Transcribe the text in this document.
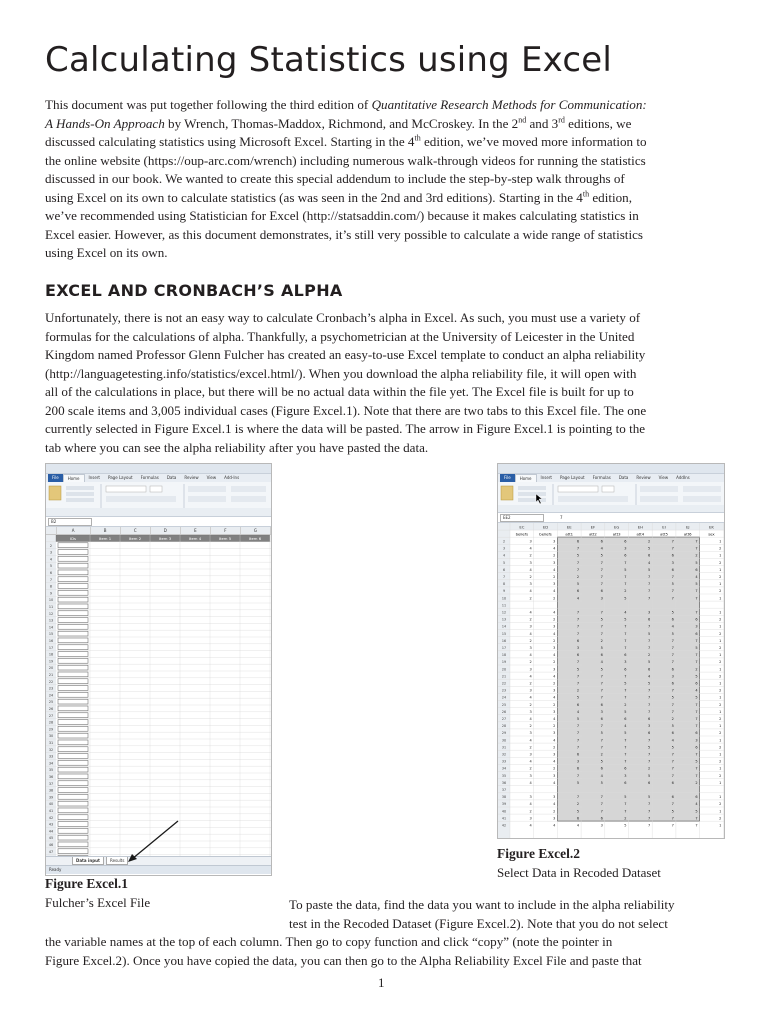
Calculating Statistics using Excel
This document was put together following the third edition of Quantitative Research Methods for Communication:
A Hands-On Approach by Wrench, Thomas-Maddox, Richmond, and McCroskey. In the 2nd and 3rd editions, we
discussed calculating statistics using Microsoft Excel. Starting in the 4th edition, we’ve moved more information to
the online website (https://oup-arc.com/wrench) including numerous walk-through videos for running the statistics
discussed in our book. We wanted to create this special addendum to include the step-by-step walk throughs of
using Excel on its own to calculate statistics (as was seen in the 2nd and 3rd editions). Starting in the 4th edition,
we’ve recommended using Statistician for Excel (http://statsaddin.com/) because it makes calculating statistics in
Excel easier. However, as this document demonstrates, it’s still very possible to calculate a wide range of statistics
using Excel on its own.
EXCEL AND CRONBACH’S ALPHA
Unfortunately, there is not an easy way to calculate Cronbach’s alpha in Excel. As such, you must use a variety of
formulas for the calculations of alpha. Thankfully, a psychometrician at the University of Leicester in the United
Kingdom named Professor Glenn Fulcher has created an easy-to-use Excel template to conduct an alpha reliability
(http://languagetesting.info/statistics/excel.html/). When you download the alpha reliability file, it will open with
all of the calculations in place, but there will be no actual data within the file yet. The Excel file is built for up to
200 scale items and 3,005 individual cases (Figure Excel.1). Note that there are two tabs to this Excel file. The one
currently selected in Figure Excel.1 is where the data will be pasted. The arrow in Figure Excel.1 is pointing to the
tab where you can see the alpha reliability after you have pasted the data.
File	Home	Insert	Page Layout	Formulas	Data	Review	View	Add-Ins
B2
A	B	C	D	E	F	G
IDs	Item 1	Item 2	Item 3	Item 4	Item 5	Item 6
2
3
4
5
6
7
8
9
10
11
12
13
14
15
16
17
18
19
20
21
22
23
24
25
26
27
28
29
30
31
32
33
34
35
36
37
38
39
40
41
42
43
44
45
46
47
Data input	Results
Ready
Figure Excel.1
Fulcher’s Excel File
File	Home	Insert	Page Layout	Formulas	Data	Review	View	AddIns
EE2	7
EC	ED	EE	EF	EG	EH	EI	EJ	EK
beliefs	beliefs	att1	att2	att3	att4	att5	att6	sex
2	3	3	6	6	6	2	7	7	1
3	4	4	7	4	3	5	7	7	2
4	2	2	5	5	6	6	6	2	1
5	3	3	7	7	7	4	3	5	2
6	4	4	7	7	5	5	6	6	1
7	2	2	2	7	7	7	7	4	2
8	3	3	5	7	7	7	5	5	1
9	4	4	6	6	2	7	7	7	2
10	2	2	4	3	5	7	7	7	1
11
12	4	4	7	7	4	3	5	7	1
13	2	2	7	5	5	6	6	6	2
14	3	3	7	7	7	7	4	3	1
15	4	4	7	7	7	5	5	6	2
16	2	2	6	2	7	7	7	7	1
17	3	3	3	5	7	7	7	5	2
18	4	4	6	6	6	2	7	7	1
19	2	2	7	4	3	5	7	7	2
20	3	3	5	5	6	6	6	2	1
21	4	4	7	7	7	4	3	5	2
22	2	2	7	7	5	5	6	6	1
23	3	3	2	7	7	7	7	4	2
24	4	4	5	7	7	7	5	5	1
25	2	2	6	6	2	7	7	7	2
26	3	3	4	3	5	7	7	7	1
27	4	4	5	6	6	6	2	7	2
28	2	2	7	7	4	3	5	7	1
29	3	3	7	5	5	6	6	6	2
30	4	4	7	7	7	7	4	3	1
31	2	2	7	7	7	5	5	6	2
32	3	3	6	2	7	7	7	7	1
33	4	4	3	5	7	7	7	5	2
34	2	2	6	6	6	2	7	7	1
35	3	3	7	4	3	5	7	7	2
36	4	4	5	5	6	6	6	2	1
37
38	3	3	7	7	5	5	6	6	1
39	4	4	2	7	7	7	7	4	2
40	2	2	5	7	7	7	5	5	1
41	3	3	6	6	2	7	7	7	2
42	4	4	4	3	5	7	7	7	1
Figure Excel.2
Select Data in Recoded Dataset
To paste the data, find the data you want to include in the alpha reliability
test in the Recoded Dataset (Figure Excel.2). Note that you do not select
the variable names at the top of each column. Then go to copy function and click “copy” (note the pointer in
Figure Excel.2). Once you have copied the data, you can then go to the Alpha Reliability Excel File and paste that
1
